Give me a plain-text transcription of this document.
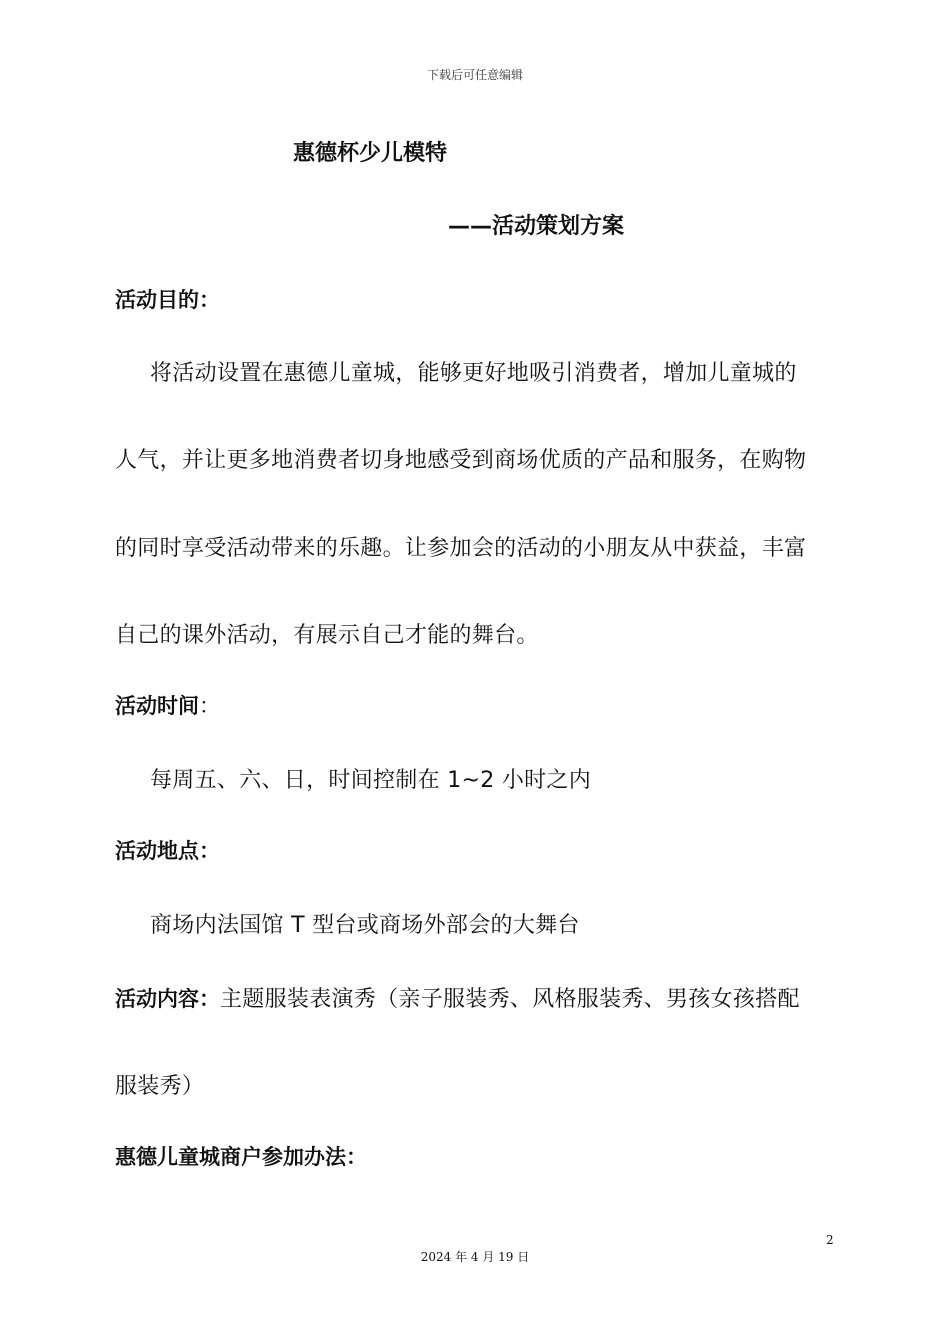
下载后可任意编辑
惠德杯少儿模特
——活动策划方案
活动目的：
将活动设置在惠德儿童城，能够更好地吸引消费者，增加儿童城的
人气，并让更多地消费者切身地感受到商场优质的产品和服务，在购物
的同时享受活动带来的乐趣。让参加会的活动的小朋友从中获益，丰富
自己的课外活动，有展示自己才能的舞台。
活动时间：
每周五、六、日，时间控制在 1~2 小时之内
活动地点：
商场内法国馆 T 型台或商场外部会的大舞台
活动内容：主题服装表演秀（亲子服装秀、风格服装秀、男孩女孩搭配
服装秀）
惠德儿童城商户参加办法：
2
2024 年 4 月 19 日
